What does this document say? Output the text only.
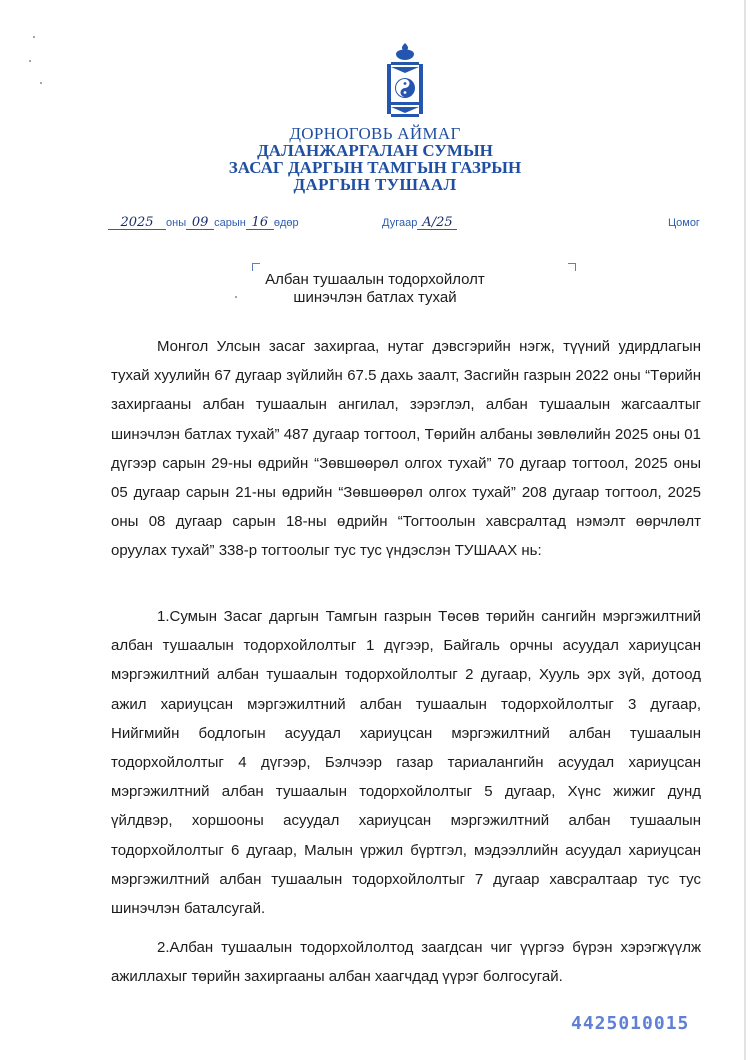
ДОРНОГОВЬ АЙМАГ
ДАЛАНЖАРГАЛАН СУМЫН
ЗАСАГ ДАРГЫН ТАМГЫН ГАЗРЫН
ДАРГЫН ТУШААЛ
2025 оны 09 сарын 16 өдөр	Дугаар А/25	Цомог
Албан тушаалын тодорхойлолт
шинэчлэн батлах тухай

Монгол Улсын засаг захиргаа, нутаг дэвсгэрийн нэгж, түүний удирдлагын тухай хуулийн 67 дугаар зүйлийн 67.5 дахь заалт, Засгийн газрын 2022 оны “Төрийн захиргааны албан тушаалын ангилал, зэрэглэл, албан тушаалын жагсаалтыг шинэчлэн батлах тухай” 487 дугаар тогтоол, Төрийн албаны зөвлөлийн 2025 оны 01 дүгээр сарын 29-ны өдрийн “Зөвшөөрөл олгох тухай” 70 дугаар тогтоол, 2025 оны 05 дугаар сарын 21-ны өдрийн “Зөвшөөрөл олгох тухай” 208 дугаар тогтоол, 2025 оны 08 дугаар сарын 18-ны өдрийн “Тогтоолын хавсралтад нэмэлт өөрчлөлт оруулах тухай” 338-р тогтоолыг тус тус үндэслэн ТУШААХ нь:

1.Сумын Засаг даргын Тамгын газрын Төсөв төрийн сангийн мэргэжилтний албан тушаалын тодорхойлолтыг 1 дүгээр, Байгаль орчны асуудал хариуцсан мэргэжилтний албан тушаалын тодорхойлолтыг 2 дугаар, Хууль эрх зүй, дотоод ажил хариуцсан мэргэжилтний албан тушаалын тодорхойлолтыг 3 дугаар, Нийгмийн бодлогын асуудал хариуцсан мэргэжилтний албан тушаалын тодорхойлолтыг 4 дүгээр, Бэлчээр газар тариалангийн асуудал хариуцсан мэргэжилтний албан тушаалын тодорхойлолтыг 5 дугаар, Хүнс жижиг дунд үйлдвэр, хоршооны асуудал хариуцсан мэргэжилтний албан тушаалын тодорхойлолтыг 6 дугаар, Малын үржил бүртгэл, мэдээллийн асуудал хариуцсан мэргэжилтний албан тушаалын тодорхойлолтыг 7 дугаар хавсралтаар тус тус шинэчлэн баталсугай.

2.Албан тушаалын тодорхойлолтод заагдсан чиг үүргээ бүрэн хэрэгжүүлж ажиллахыг төрийн захиргааны албан хаагчдад үүрэг болгосугай.

4425010015
